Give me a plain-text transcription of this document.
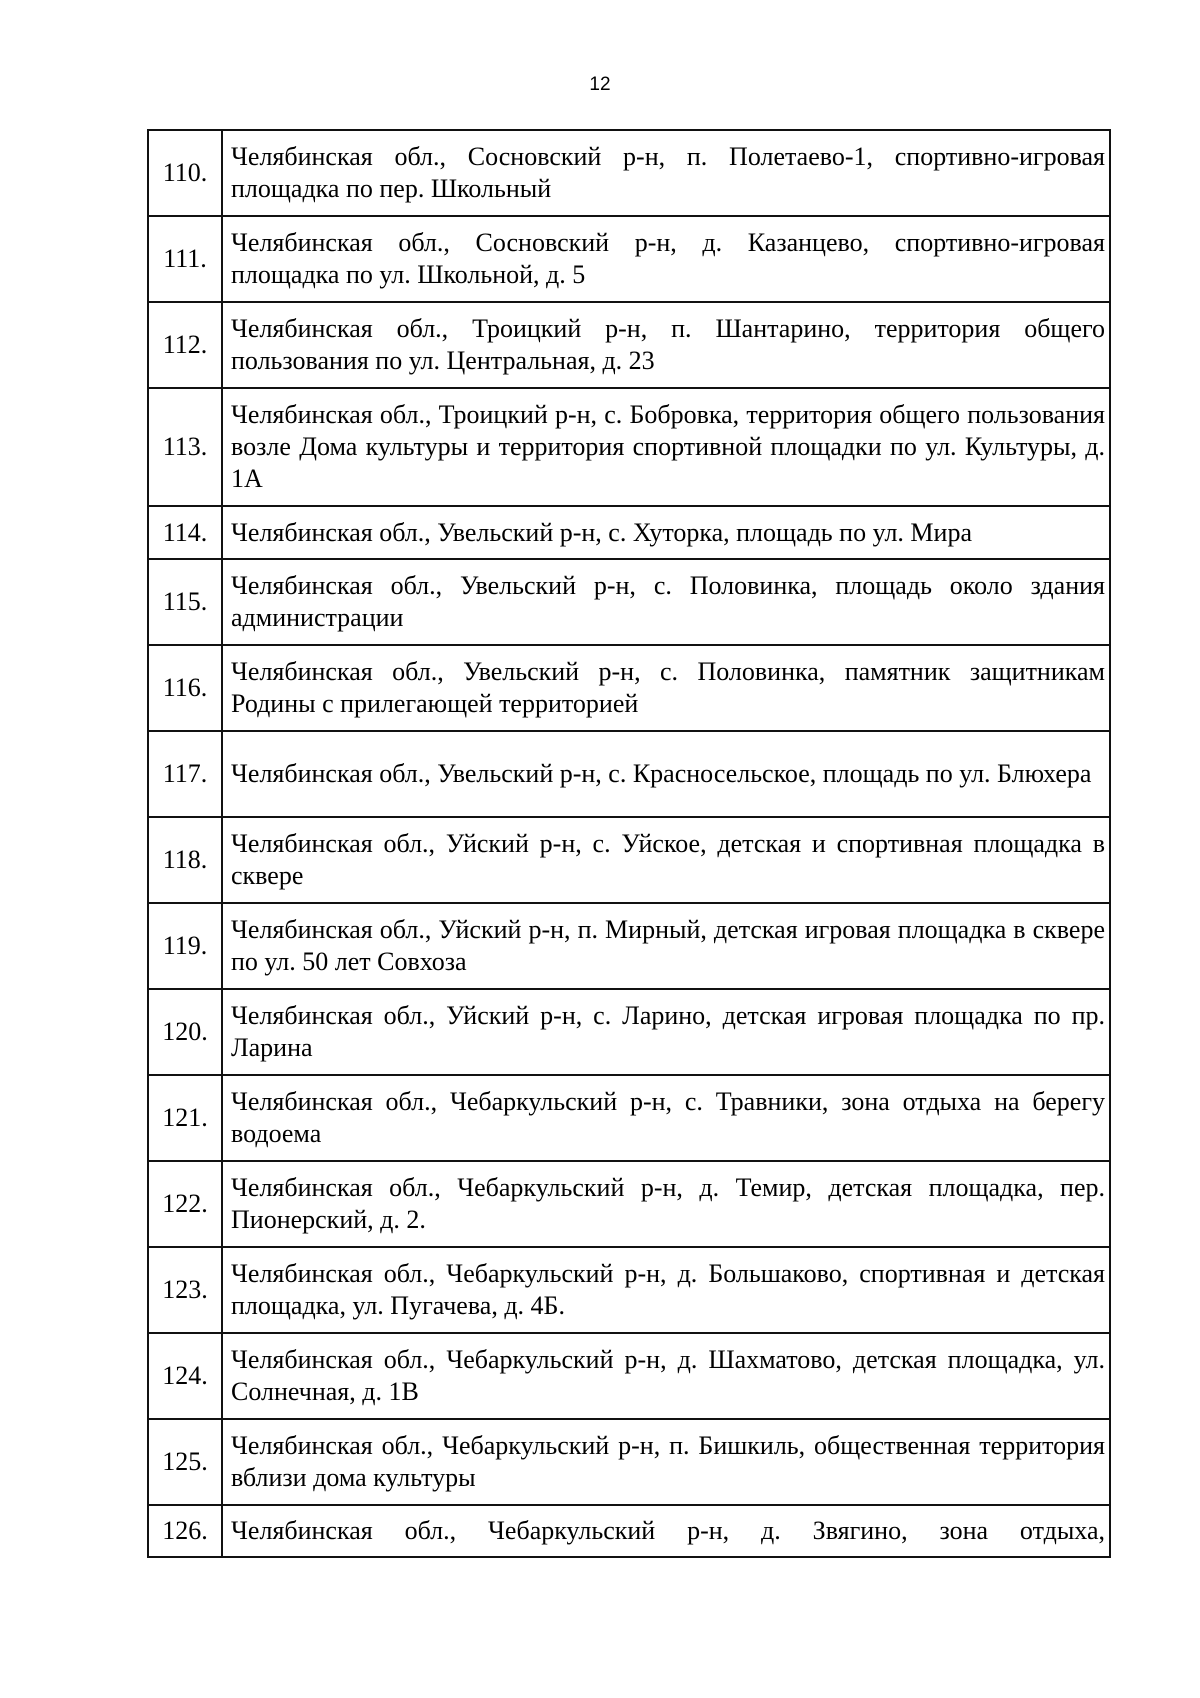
12
110.	Челябинская обл., Сосновский р-н, п. Полетаево-1, спортивно-игровая площадка по пер. Школьный
111.	Челябинская обл., Сосновский р-н, д. Казанцево, спортивно-игровая площадка по ул. Школьной, д. 5
112.	Челябинская обл., Троицкий р-н, п. Шантарино, территория общего пользования по ул. Центральная, д. 23
113.	Челябинская обл., Троицкий р-н, с. Бобровка, территория общего пользования возле Дома культуры и территория спортивной площадки по ул. Культуры, д. 1А
114.	Челябинская обл., Увельский р-н, с. Хуторка, площадь по ул. Мира
115.	Челябинская обл., Увельский р-н, с. Половинка, площадь около здания администрации
116.	Челябинская обл., Увельский р-н, с. Половинка, памятник защитникам Родины с прилегающей территорией
117.	Челябинская обл., Увельский р-н, с. Красносельское, площадь по ул. Блюхера
118.	Челябинская обл., Уйский р-н, с. Уйское, детская и спортивная площадка в сквере
119.	Челябинская обл., Уйский р-н, п. Мирный, детская игровая площадка в сквере по ул. 50 лет Совхоза
120.	Челябинская обл., Уйский р-н, с. Ларино, детская игровая площадка по пр. Ларина
121.	Челябинская обл., Чебаркульский р-н, с. Травники, зона отдыха на берегу водоема
122.	Челябинская обл., Чебаркульский р-н, д. Темир, детская площадка, пер. Пионерский, д. 2.
123.	Челябинская обл., Чебаркульский р-н, д. Большаково, спортивная и детская площадка, ул. Пугачева, д. 4Б.
124.	Челябинская обл., Чебаркульский р-н, д. Шахматово, детская площадка, ул. Солнечная, д. 1В
125.	Челябинская обл., Чебаркульский р-н, п. Бишкиль, общественная территория вблизи дома культуры
126.	Челябинская обл., Чебаркульский р-н, д. Звягино, зона отдыха,
